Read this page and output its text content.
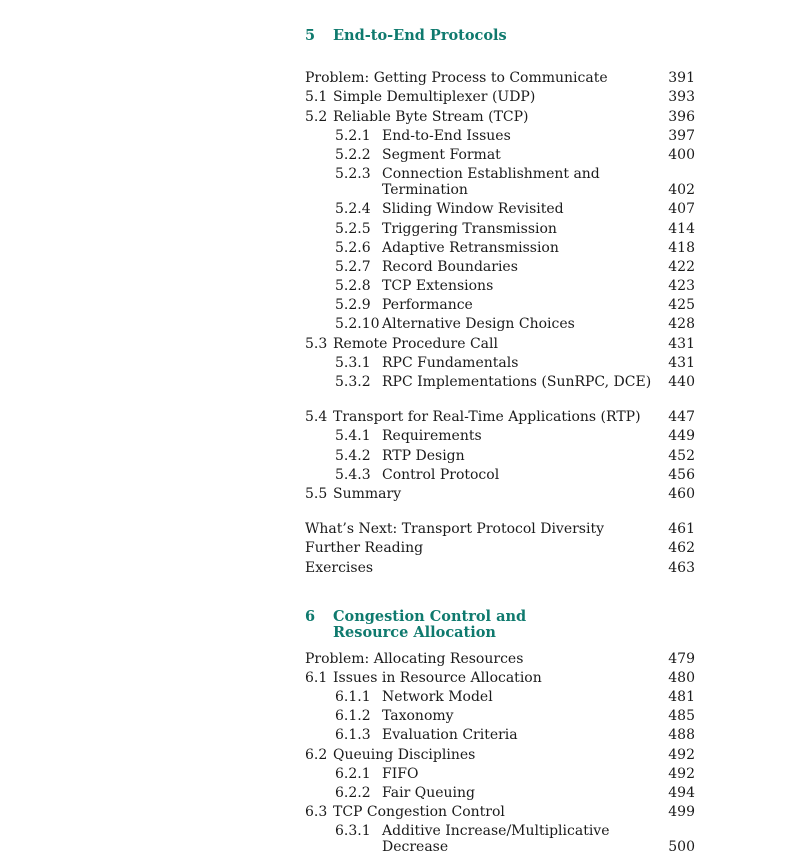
5	End-to-End Protocols
Problem: Getting Process to Communicate	391
5.1 Simple Demultiplexer (UDP)	393
5.2 Reliable Byte Stream (TCP)	396
5.2.1 End-to-End Issues	397
5.2.2 Segment Format	400
5.2.3 Connection Establishment and Termination	402
5.2.4 Sliding Window Revisited	407
5.2.5 Triggering Transmission	414
5.2.6 Adaptive Retransmission	418
5.2.7 Record Boundaries	422
5.2.8 TCP Extensions	423
5.2.9 Performance	425
5.2.10 Alternative Design Choices	428
5.3 Remote Procedure Call	431
5.3.1 RPC Fundamentals	431
5.3.2 RPC Implementations (SunRPC, DCE)	440
5.4 Transport for Real-Time Applications (RTP)	447
5.4.1 Requirements	449
5.4.2 RTP Design	452
5.4.3 Control Protocol	456
5.5 Summary	460
What’s Next: Transport Protocol Diversity	461
Further Reading	462
Exercises	463
6	Congestion Control and Resource Allocation
Problem: Allocating Resources	479
6.1 Issues in Resource Allocation	480
6.1.1 Network Model	481
6.1.2 Taxonomy	485
6.1.3 Evaluation Criteria	488
6.2 Queuing Disciplines	492
6.2.1 FIFO	492
6.2.2 Fair Queuing	494
6.3 TCP Congestion Control	499
6.3.1 Additive Increase/Multiplicative Decrease	500
